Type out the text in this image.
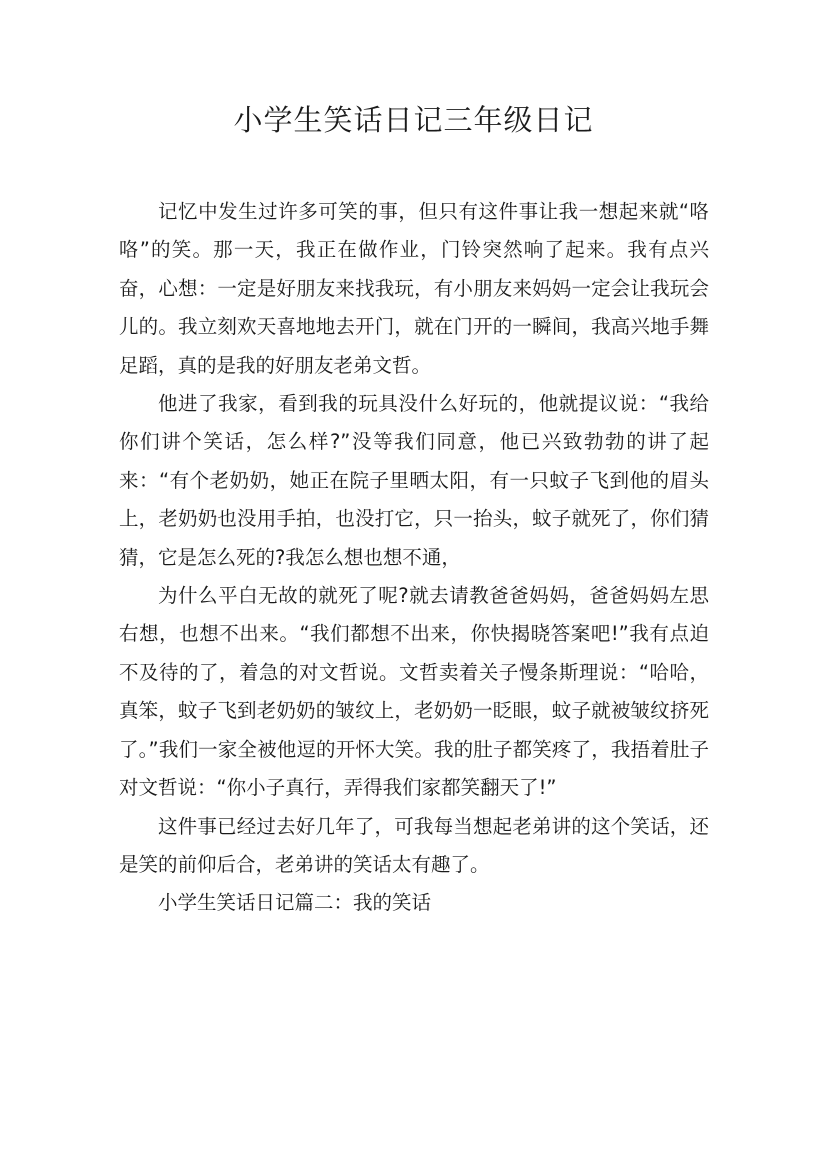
小学生笑话日记三年级日记

记忆中发生过许多可笑的事，但只有这件事让我一想起来就“咯咯”的笑。那一天，我正在做作业，门铃突然响了起来。我有点兴奋，心想：一定是好朋友来找我玩，有小朋友来妈妈一定会让我玩会儿的。我立刻欢天喜地地去开门，就在门开的一瞬间，我高兴地手舞足蹈，真的是我的好朋友老弟文哲。

他进了我家，看到我的玩具没什么好玩的，他就提议说：“我给你们讲个笑话，怎么样?”没等我们同意，他已兴致勃勃的讲了起来：“有个老奶奶，她正在院子里晒太阳，有一只蚊子飞到他的眉头上，老奶奶也没用手拍，也没打它，只一抬头，蚊子就死了，你们猜猜，它是怎么死的?我怎么想也想不通，

为什么平白无故的就死了呢?就去请教爸爸妈妈，爸爸妈妈左思右想，也想不出来。“我们都想不出来，你快揭晓答案吧!”我有点迫不及待的了，着急的对文哲说。文哲卖着关子慢条斯理说：“哈哈，真笨，蚊子飞到老奶奶的皱纹上，老奶奶一眨眼，蚊子就被皱纹挤死了。”我们一家全被他逗的开怀大笑。我的肚子都笑疼了，我捂着肚子对文哲说：“你小子真行，弄得我们家都笑翻天了!”

这件事已经过去好几年了，可我每当想起老弟讲的这个笑话，还是笑的前仰后合，老弟讲的笑话太有趣了。

小学生笑话日记篇二：我的笑话
